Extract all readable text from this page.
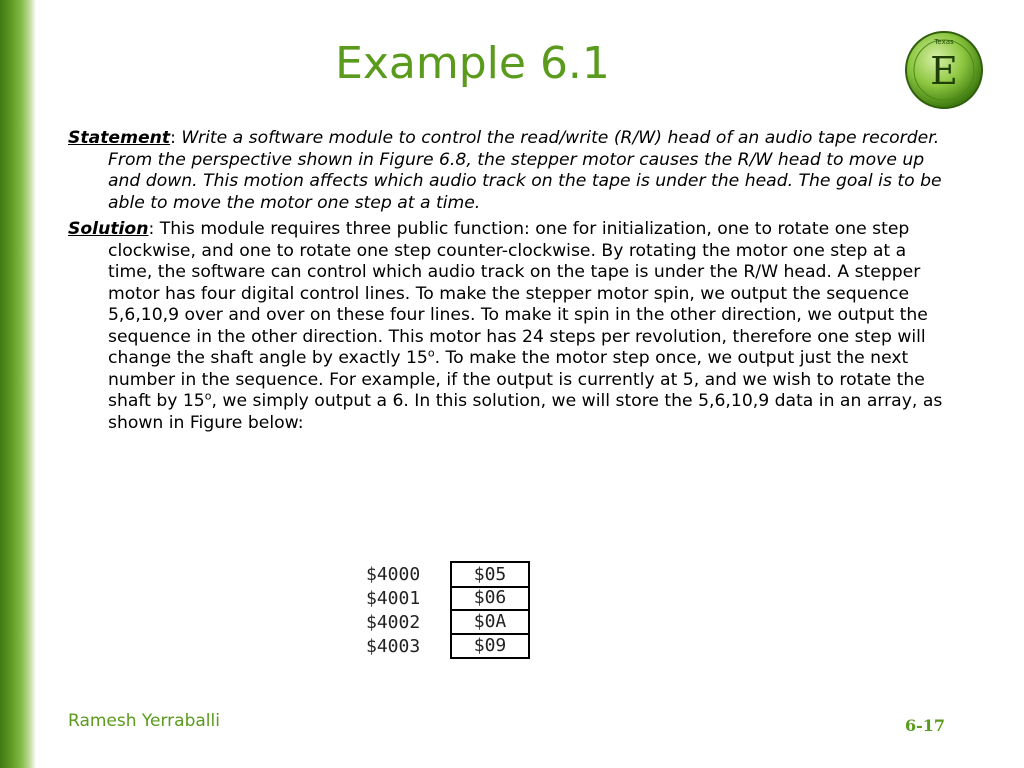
Example 6.1	Texas
E

Statement: Write a software module to control the read/write (R/W) head of an audio tape recorder. From the perspective shown in Figure 6.8, the stepper motor causes the R/W head to move up and down. This motion affects which audio track on the tape is under the head. The goal is to be able to move the motor one step at a time.

Solution: This module requires three public function: one for initialization, one to rotate one step clockwise, and one to rotate one step counter-clockwise. By rotating the motor one step at a time, the software can control which audio track on the tape is under the R/W head. A stepper motor has four digital control lines. To make the stepper motor spin, we output the sequence 5,6,10,9 over and over on these four lines. To make it spin in the other direction, we output the sequence in the other direction. This motor has 24 steps per revolution, therefore one step will change the shaft angle by exactly 15$^o$. To make the motor step once, we output just the next number in the sequence. For example, if the output is currently at 5, and we wish to rotate the shaft by 15$^o$, we simply output a 6. In this solution, we will store the 5,6,10,9 data in an array, as shown in Figure below:

$4000	$05
$4001	$06
$4002	$0A
$4003	$09
Ramesh Yerraballi	6-17
